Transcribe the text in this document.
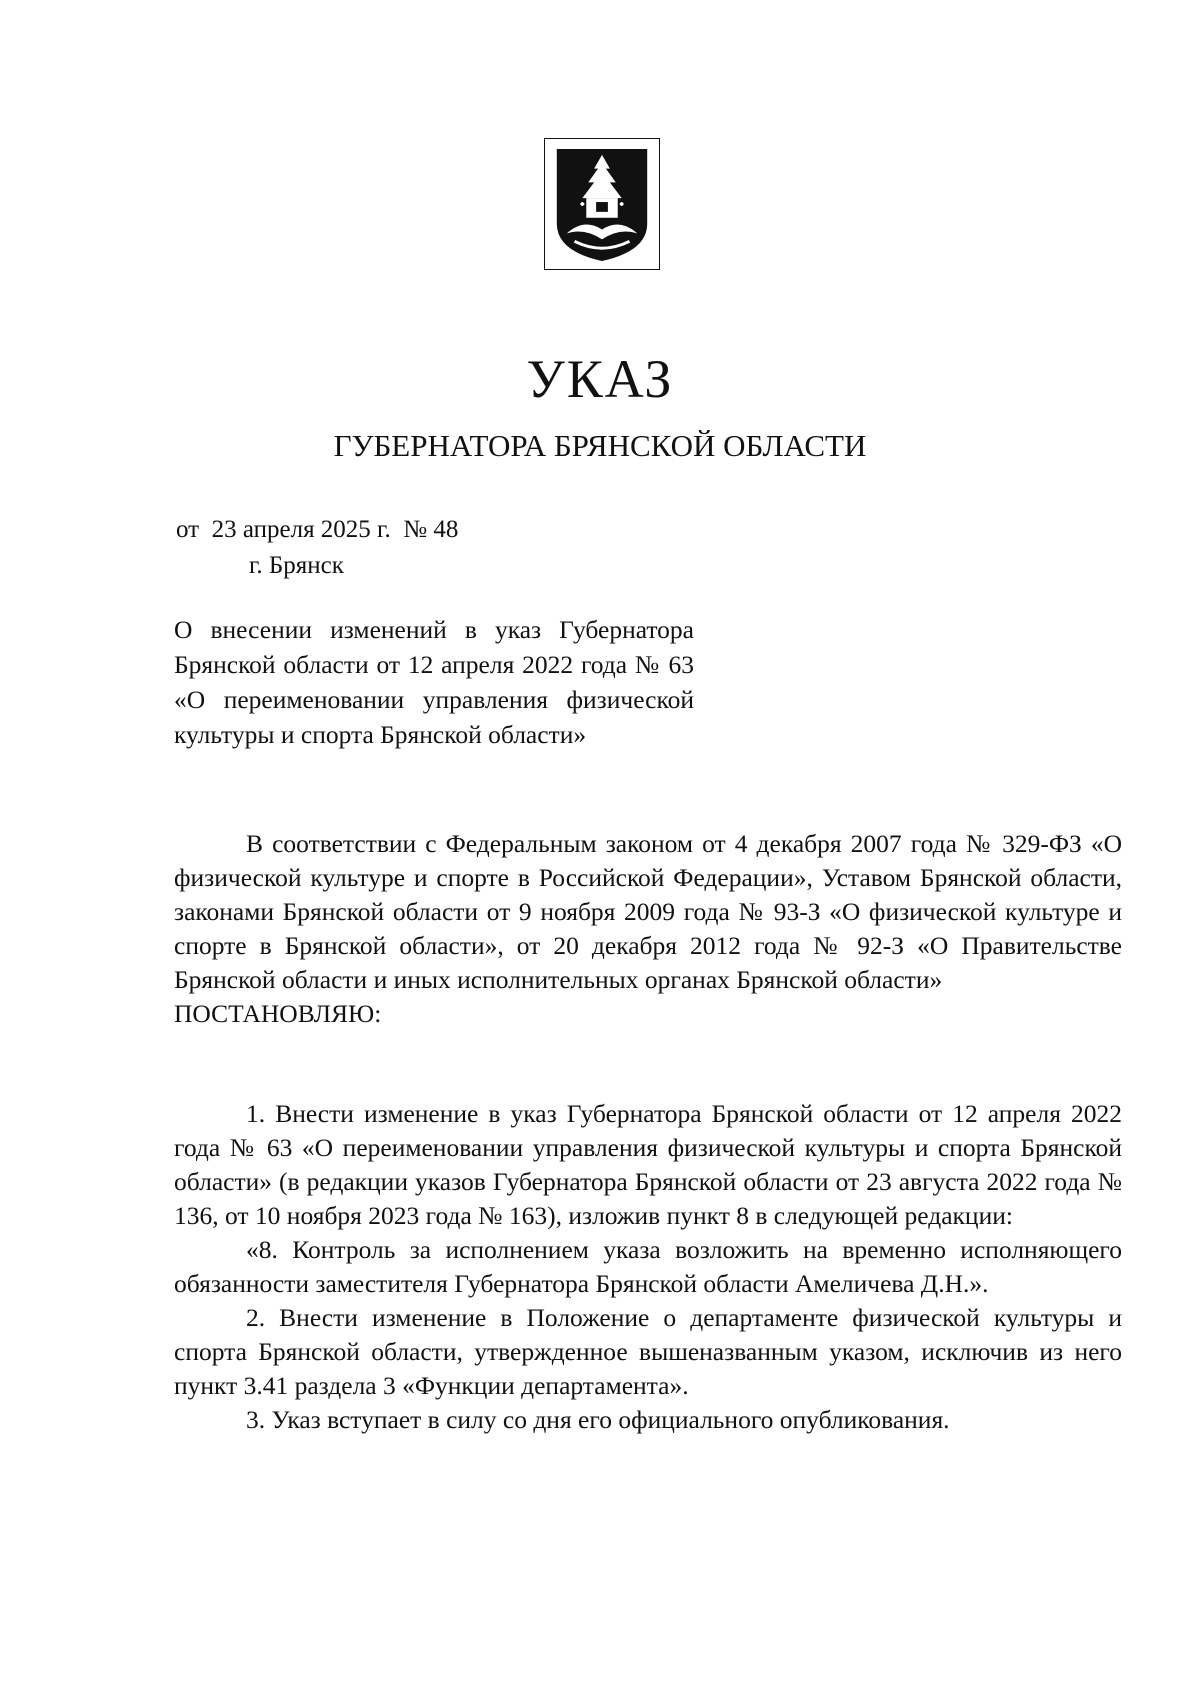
УКАЗ
ГУБЕРНАТОРА БРЯНСКОЙ ОБЛАСТИ
от  23 апреля 2025 г.  № 48
г. Брянск
О внесении изменений в указ Губернатора Брянской области от 12 апреля 2022 года № 63 «О переименовании управления физической культуры и спорта Брянской области»

В соответствии с Федеральным законом от 4 декабря 2007 года № 329-ФЗ «О физической культуре и спорте в Российской Федерации», Уставом Брянской области, законами Брянской области от 9 ноября 2009 года № 93-З «О физической культуре и спорте в Брянской области», от 20 декабря 2012 года № 92-З «О Правительстве Брянской области и иных исполнительных органах Брянской области»

ПОСТАНОВЛЯЮ:

1. Внести изменение в указ Губернатора Брянской области от 12 апреля 2022 года № 63 «О переименовании управления физической культуры и спорта Брянской области» (в редакции указов Губернатора Брянской области от 23 августа 2022 года № 136, от 10 ноября 2023 года № 163), изложив пункт 8 в следующей редакции:

«8. Контроль за исполнением указа возложить на временно исполняющего обязанности заместителя Губернатора Брянской области Амеличева Д.Н.».

2. Внести изменение в Положение о департаменте физической культуры и спорта Брянской области, утвержденное вышеназванным указом, исключив из него пункт 3.41 раздела 3 «Функции департамента».

3. Указ вступает в силу со дня его официального опубликования.
